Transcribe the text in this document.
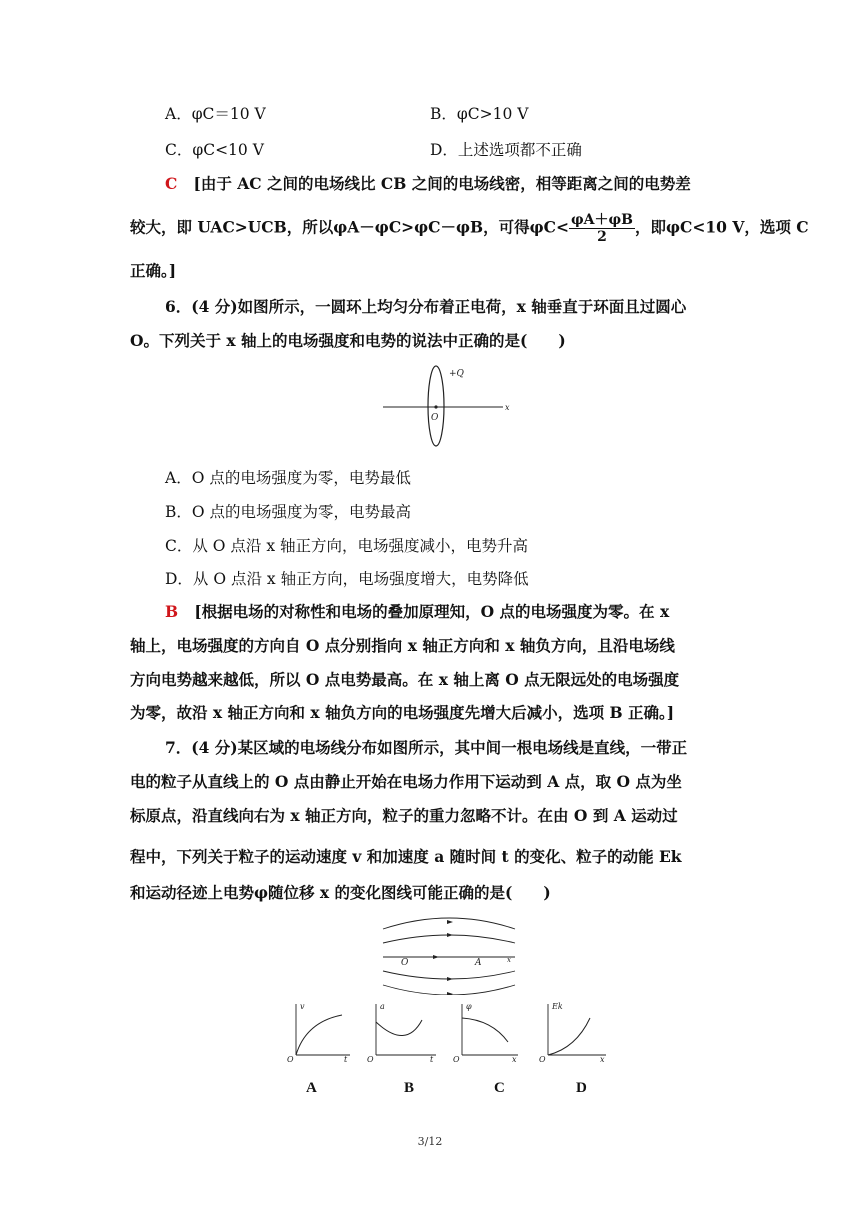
A．φC＝10 V	B．φC>10 V
C．φC<10 V	D．上述选项都不正确
C [由于 AC 之间的电场线比 CB 之间的电场线密，相等距离之间的电势差
较大，即 UAC>UCB，所以φA－φC>φC－φB，可得$\varphi C< \frac{\varphi A+\varphi B}{2}$ ，即φC<10 V，选项 C
正确。]
6．(4 分)如图所示，一圆环上均匀分布着正电荷，x 轴垂直于环面且过圆心
O。下列关于 x 轴上的电场强度和电势的说法中正确的是(　　)
+Q
O
x
A．O 点的电场强度为零，电势最低
B．O 点的电场强度为零，电势最高
C．从 O 点沿 x 轴正方向，电场强度减小，电势升高
D．从 O 点沿 x 轴正方向，电场强度增大，电势降低
B [根据电场的对称性和电场的叠加原理知，O 点的电场强度为零。在 x
轴上，电场强度的方向自 O 点分别指向 x 轴正方向和 x 轴负方向，且沿电场线
方向电势越来越低，所以 O 点电势最高。在 x 轴上离 O 点无限远处的电场强度
为零，故沿 x 轴正方向和 x 轴负方向的电场强度先增大后减小，选项 B 正确。]
7．(4 分)某区域的电场线分布如图所示，其中间一根电场线是直线，一带正
电的粒子从直线上的 O 点由静止开始在电场力作用下运动到 A 点，取 O 点为坐
标原点，沿直线向右为 x 轴正方向，粒子的重力忽略不计。在由 O 到 A 运动过
程中，下列关于粒子的运动速度 v 和加速度 a 随时间 t 的变化、粒子的动能 Ek
和运动径迹上电势φ随位移 x 的变化图线可能正确的是(　　)
O	A	x
v
t
O
a
t
O
φ
x
O
Ek
x
O
A	B	C	D
3/12
